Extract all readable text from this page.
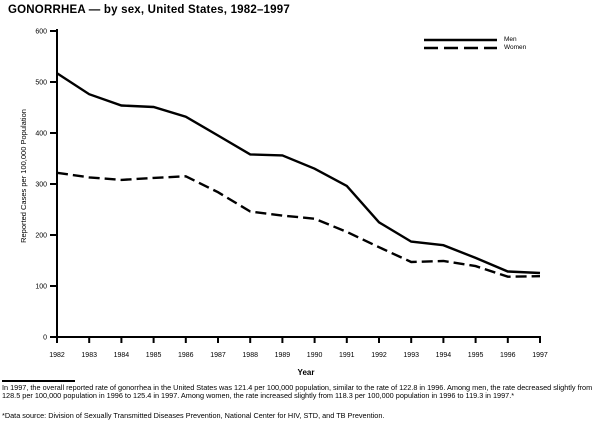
GONORRHEA — by sex, United States, 1982–1997
0
100
200
300
400
500
600
1982 1983 1984 1985 1986 1987 1988 1989 1990 1991 1992 1993 1994 1995 1996 1997
Reported Cases per 100,000 Population
Year
Men
Women
In 1997, the overall reported rate of gonorrhea in the United States was 121.4 per 100,000 population, similar to the rate of 122.8 in 1996. Among men, the rate decreased slightly from 128.5 per 100,000 population in 1996 to 125.4 in 1997. Among women, the rate increased slightly from 118.3 per 100,000 population in 1996 to 119.3 in 1997.*
*Data source: Division of Sexually Transmitted Diseases Prevention, National Center for HIV, STD, and TB Prevention.
